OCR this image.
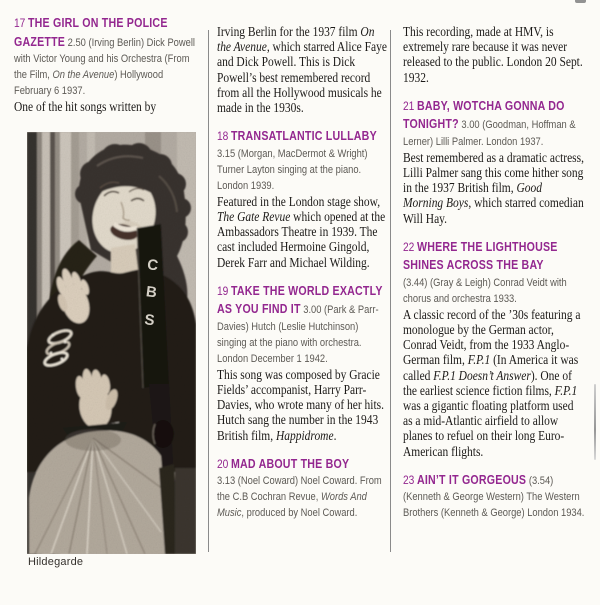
17 THE GIRL ON THE POLICE GAZETTE 2.50 (Irving Berlin) Dick Powell with Victor Young and his Orchestra (From the Film, On the Avenue) Hollywood February 6 1937.

One of the hit songs written by

C
B
S
Hildegarde

Irving Berlin for the 1937 film On the Avenue, which starred Alice Faye and Dick Powell. This is Dick Powell’s best remembered record from all the Hollywood musicals he made in the 1930s.

18 TRANSATLANTIC LULLABY 3.15 (Morgan, MacDermot & Wright) Turner Layton singing at the piano. London 1939.

Featured in the London stage show, The Gate Revue which opened at the Ambassadors Theatre in 1939. The cast included Hermoine Gingold, Derek Farr and Michael Wilding.

19 TAKE THE WORLD EXACTLY AS YOU FIND IT 3.00 (Park & Parr-Davies) Hutch (Leslie Hutchinson) singing at the piano with orchestra. London December 1 1942.

This song was composed by Gracie Fields’ accompanist, Harry Parr-Davies, who wrote many of her hits. Hutch sang the number in the 1943 British film, Happidrome.

20 MAD ABOUT THE BOY
3.13 (Noel Coward) Noel Coward. From the C.B Cochran Revue, Words And Music, produced by Noel Coward.

This recording, made at HMV, is extremely rare because it was never released to the public. London 20 Sept. 1932.

21 BABY, WOTCHA GONNA DO TONIGHT? 3.00 (Goodman, Hoffman & Lerner) Lilli Palmer. London 1937.

Best remembered as a dramatic actress, Lilli Palmer sang this come hither song in the 1937 British film, Good Morning Boys, which starred comedian Will Hay.

22 WHERE THE LIGHTHOUSE SHINES ACROSS THE BAY
(3.44) (Gray & Leigh) Conrad Veidt with chorus and orchestra 1933.

A classic record of the ’30s featuring a monologue by the German actor, Conrad Veidt, from the 1933 Anglo-German film, F.P.1 (In America it was called F.P.1 Doesn’t Answer). One of the earliest science fiction films, F.P.1 was a gigantic floating platform used as a mid-Atlantic airfield to allow planes to refuel on their long Euro-American flights.

23 AIN’T IT GORGEOUS (3.54) (Kenneth & George Western) The Western Brothers (Kenneth & George) London 1934.
